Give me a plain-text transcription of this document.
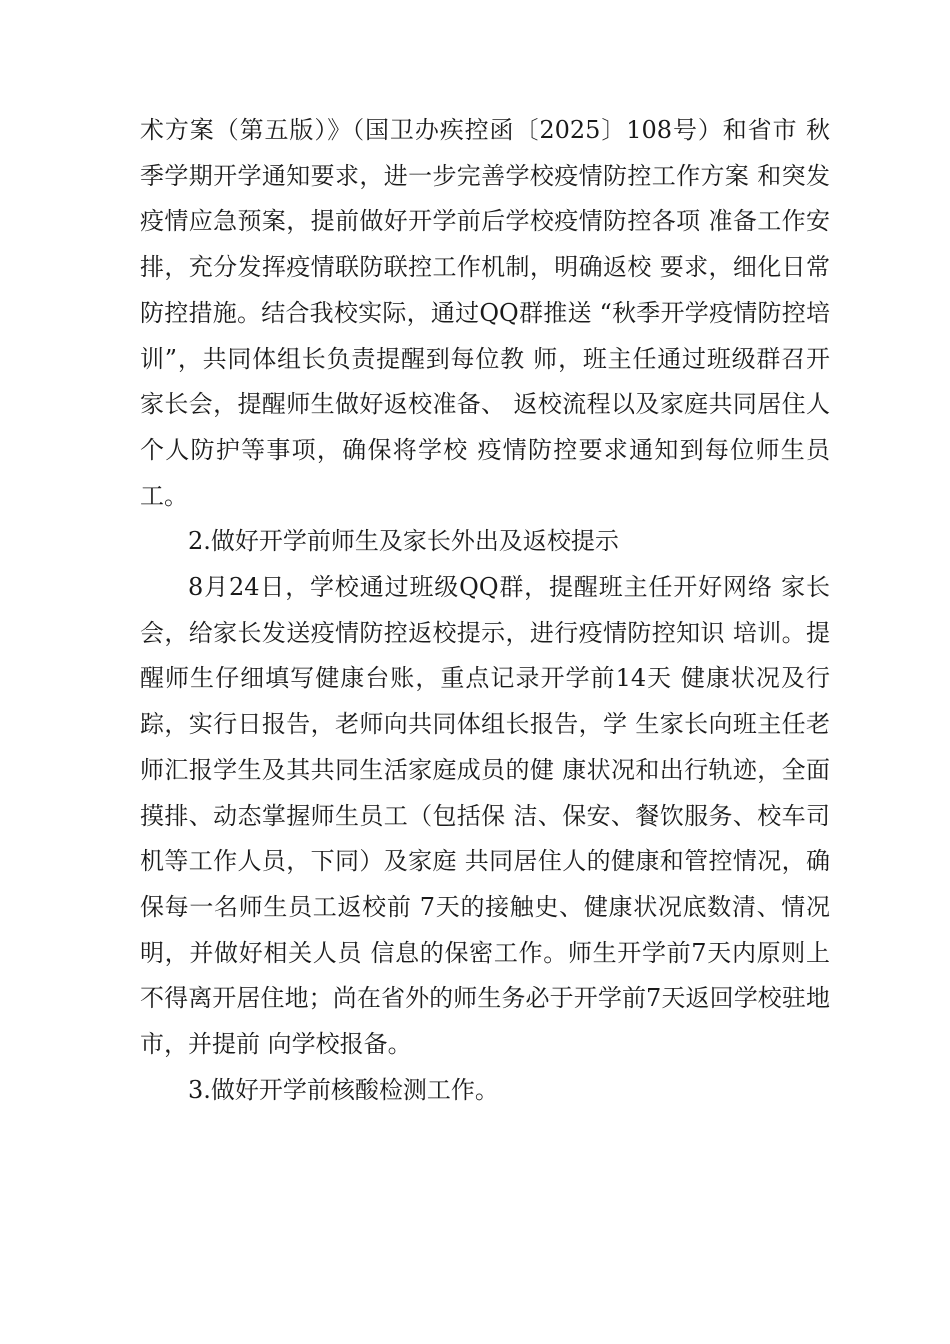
术方案（第五版）》（国卫办疾控函〔2025〕108号）和省市 秋季学期开学通知要求，进一步完善学校疫情防控工作方案 和突发疫情应急预案，提前做好开学前后学校疫情防控各项 准备工作安排，充分发挥疫情联防联控工作机制，明确返校 要求，细化日常防控措施。结合我校实际，通过QQ群推送 “秋季开学疫情防控培训”，共同体组长负责提醒到每位教 师，班主任通过班级群召开家长会，提醒师生做好返校准备、 返校流程以及家庭共同居住人个人防护等事项，确保将学校 疫情防控要求通知到每位师生员工。

2.做好开学前师生及家长外出及返校提示

8月24日，学校通过班级QQ群，提醒班主任开好网络 家长会，给家长发送疫情防控返校提示，进行疫情防控知识 培训。提醒师生仔细填写健康台账，重点记录开学前14天 健康状况及行踪，实行日报告，老师向共同体组长报告，学 生家长向班主任老师汇报学生及其共同生活家庭成员的健 康状况和出行轨迹，全面摸排、动态掌握师生员工（包括保 洁、保安、餐饮服务、校车司机等工作人员，下同）及家庭 共同居住人的健康和管控情况，确保每一名师生员工返校前 7天的接触史、健康状况底数清、情况明，并做好相关人员 信息的保密工作。师生开学前7天内原则上不得离开居住地；尚在省外的师生务必于开学前7天返回学校驻地市，并提前 向学校报备。

3.做好开学前核酸检测工作。
